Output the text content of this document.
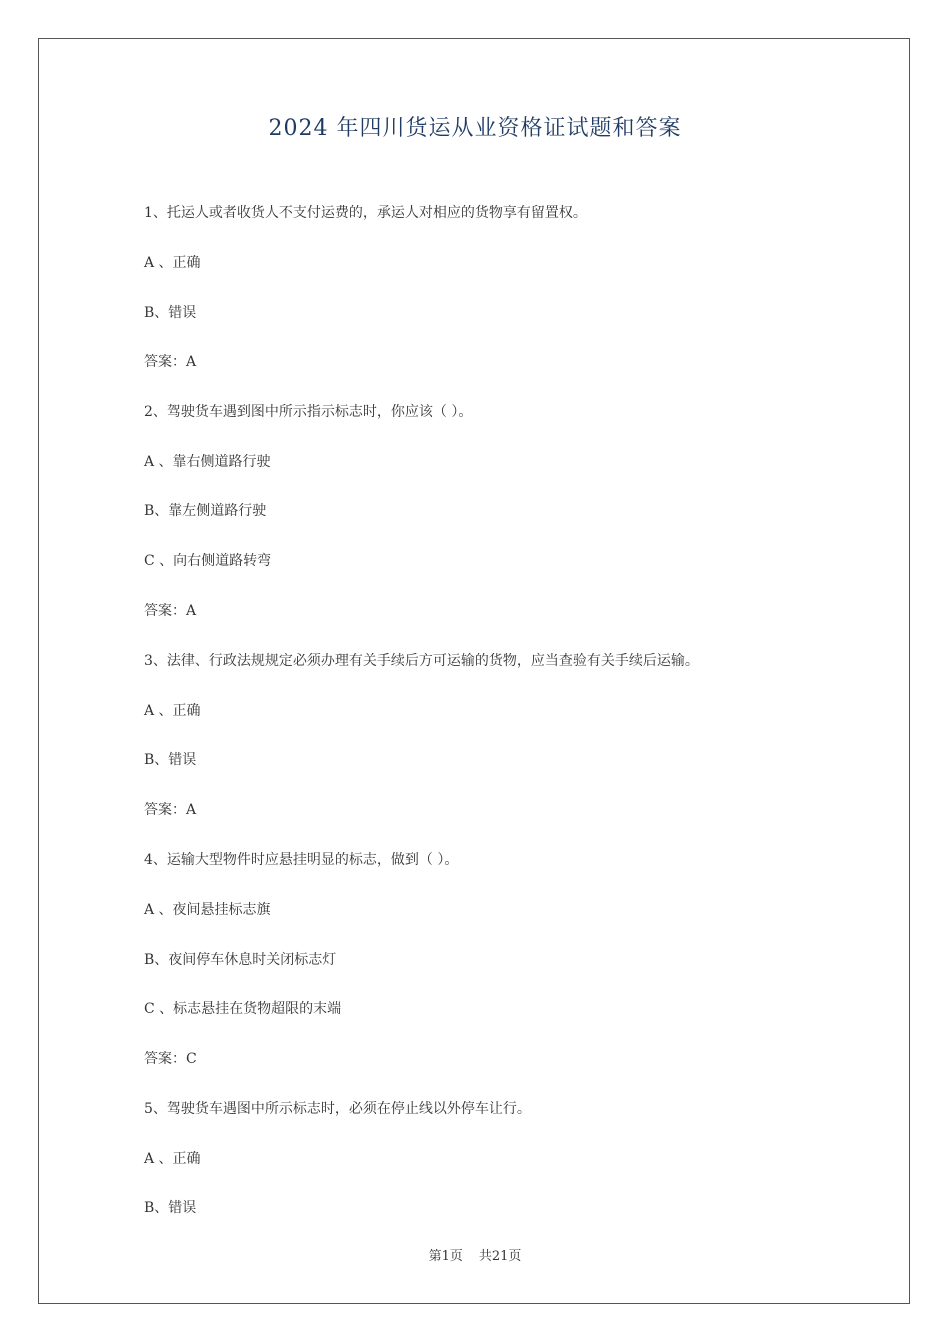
2024 年四川货运从业资格证试题和答案
1、托运人或者收货人不支付运费的，承运人对相应的货物享有留置权。
A 、正确
B、错误
答案：A
2、驾驶货车遇到图中所示指示标志时，你应该（ ）。
A 、靠右侧道路行驶
B、靠左侧道路行驶
C 、向右侧道路转弯
答案：A
3、法律、行政法规规定必须办理有关手续后方可运输的货物，应当查验有关手续后运输。
A 、正确
B、错误
答案：A
4、运输大型物件时应悬挂明显的标志，做到（ ）。
A 、夜间悬挂标志旗
B、夜间停车休息时关闭标志灯
C 、标志悬挂在货物超限的末端
答案：C
5、驾驶货车遇图中所示标志时，必须在停止线以外停车让行。
A 、正确
B、错误
第1页 共21页
